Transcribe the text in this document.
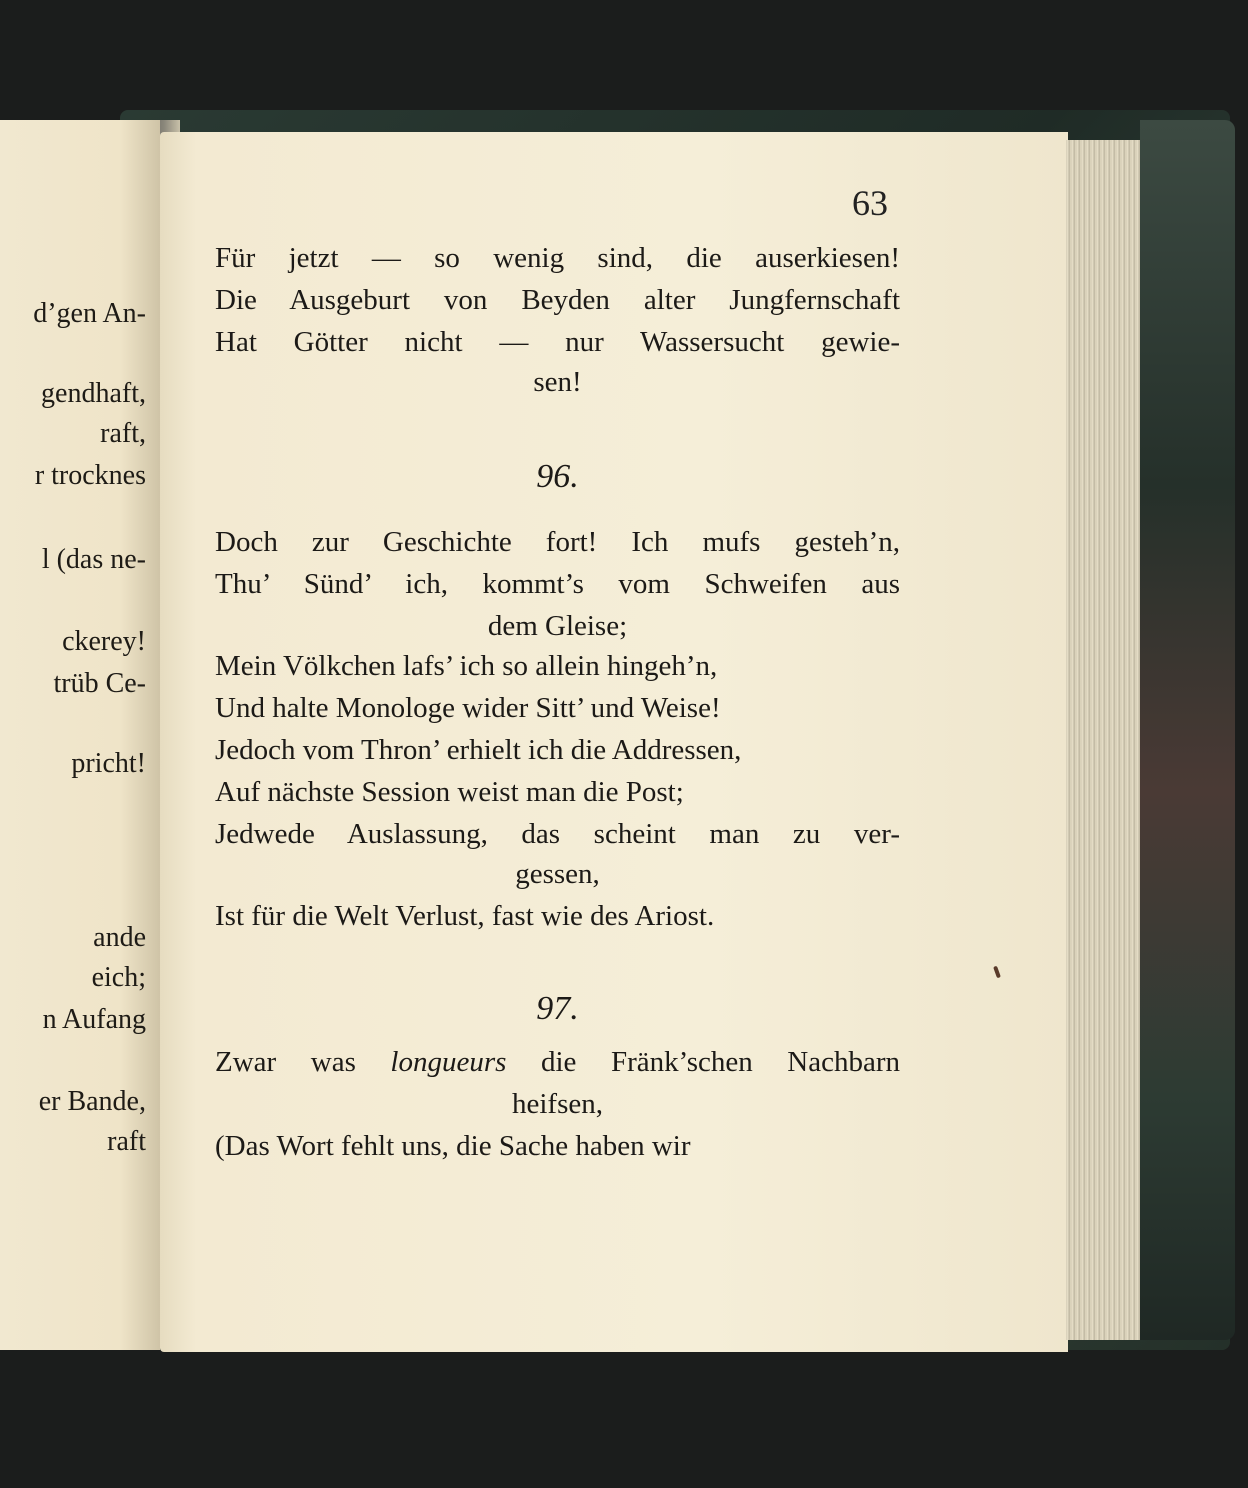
d’gen An-
gendhaft,
raft,
r trocknes
l (das ne-
ckerey!
trüb Ce-
pricht!
ande
eich;
n Aufang
er Bande,
raft
63
Für jetzt — so wenig sind, die auserkiesen!
Die Ausgeburt von Beyden alter Jungfernschaft
Hat Götter nicht — nur Wassersucht gewie-
sen!
96.
Doch zur Geschichte fort! Ich mufs gesteh’n,
Thu’ Sünd’ ich, kommt’s vom Schweifen aus
dem Gleise;
Mein Völkchen lafs’ ich so allein hingeh’n,
Und halte Monologe wider Sitt’ und Weise!
Jedoch vom Thron’ erhielt ich die Addressen,
Auf nächste Session weist man die Post;
Jedwede Auslassung, das scheint man zu ver-
gessen,
Ist für die Welt Verlust, fast wie des Ariost.
97.
Zwar was longueurs die Fränk’schen Nachbarn
heifsen,
(Das Wort fehlt uns, die Sache haben wir
